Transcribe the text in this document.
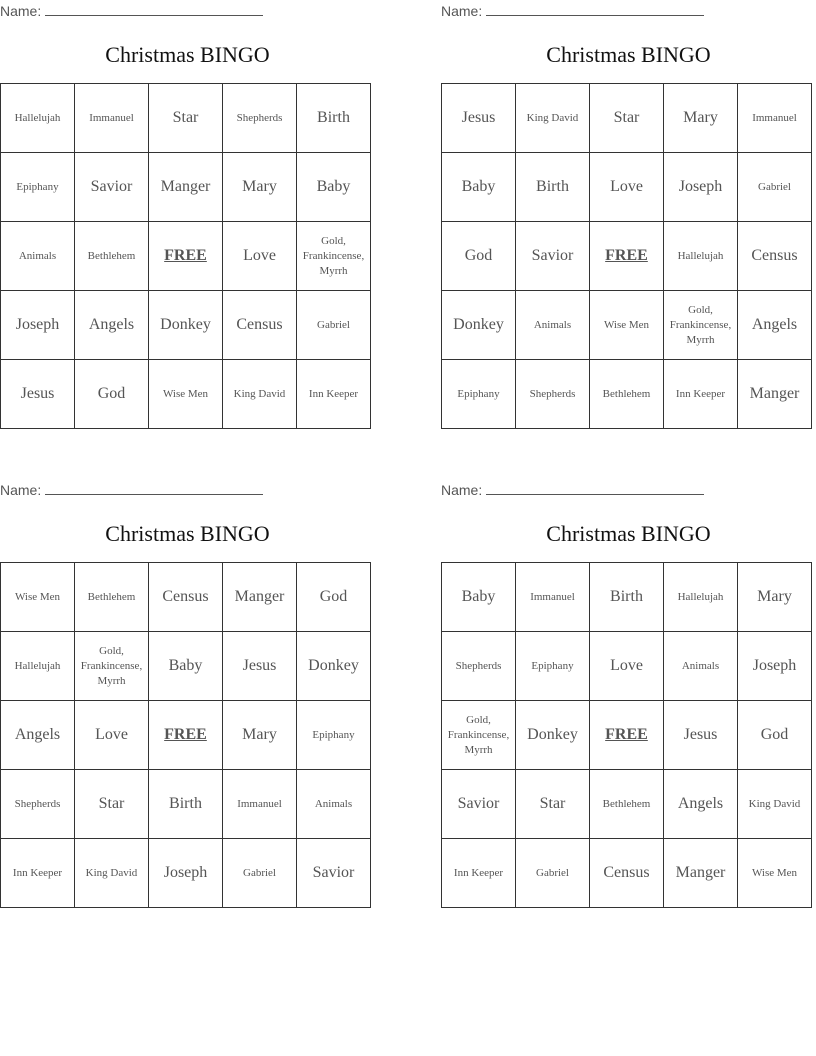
Name:
Christmas BINGO
Hallelujah	Immanuel	Star	Shepherds	Birth
Epiphany	Savior	Manger	Mary	Baby
Animals	Bethlehem	FREE	Love	Gold, Frankincense, Myrrh
Joseph	Angels	Donkey	Census	Gabriel
Jesus	God	Wise Men	King David	Inn Keeper
Name:
Christmas BINGO
Jesus	King David	Star	Mary	Immanuel
Baby	Birth	Love	Joseph	Gabriel
God	Savior	FREE	Hallelujah	Census
Donkey	Animals	Wise Men	Gold, Frankincense, Myrrh	Angels
Epiphany	Shepherds	Bethlehem	Inn Keeper	Manger
Name:
Christmas BINGO
Wise Men	Bethlehem	Census	Manger	God
Hallelujah	Gold, Frankincense, Myrrh	Baby	Jesus	Donkey
Angels	Love	FREE	Mary	Epiphany
Shepherds	Star	Birth	Immanuel	Animals
Inn Keeper	King David	Joseph	Gabriel	Savior
Name:
Christmas BINGO
Baby	Immanuel	Birth	Hallelujah	Mary
Shepherds	Epiphany	Love	Animals	Joseph
Gold, Frankincense, Myrrh	Donkey	FREE	Jesus	God
Savior	Star	Bethlehem	Angels	King David
Inn Keeper	Gabriel	Census	Manger	Wise Men
